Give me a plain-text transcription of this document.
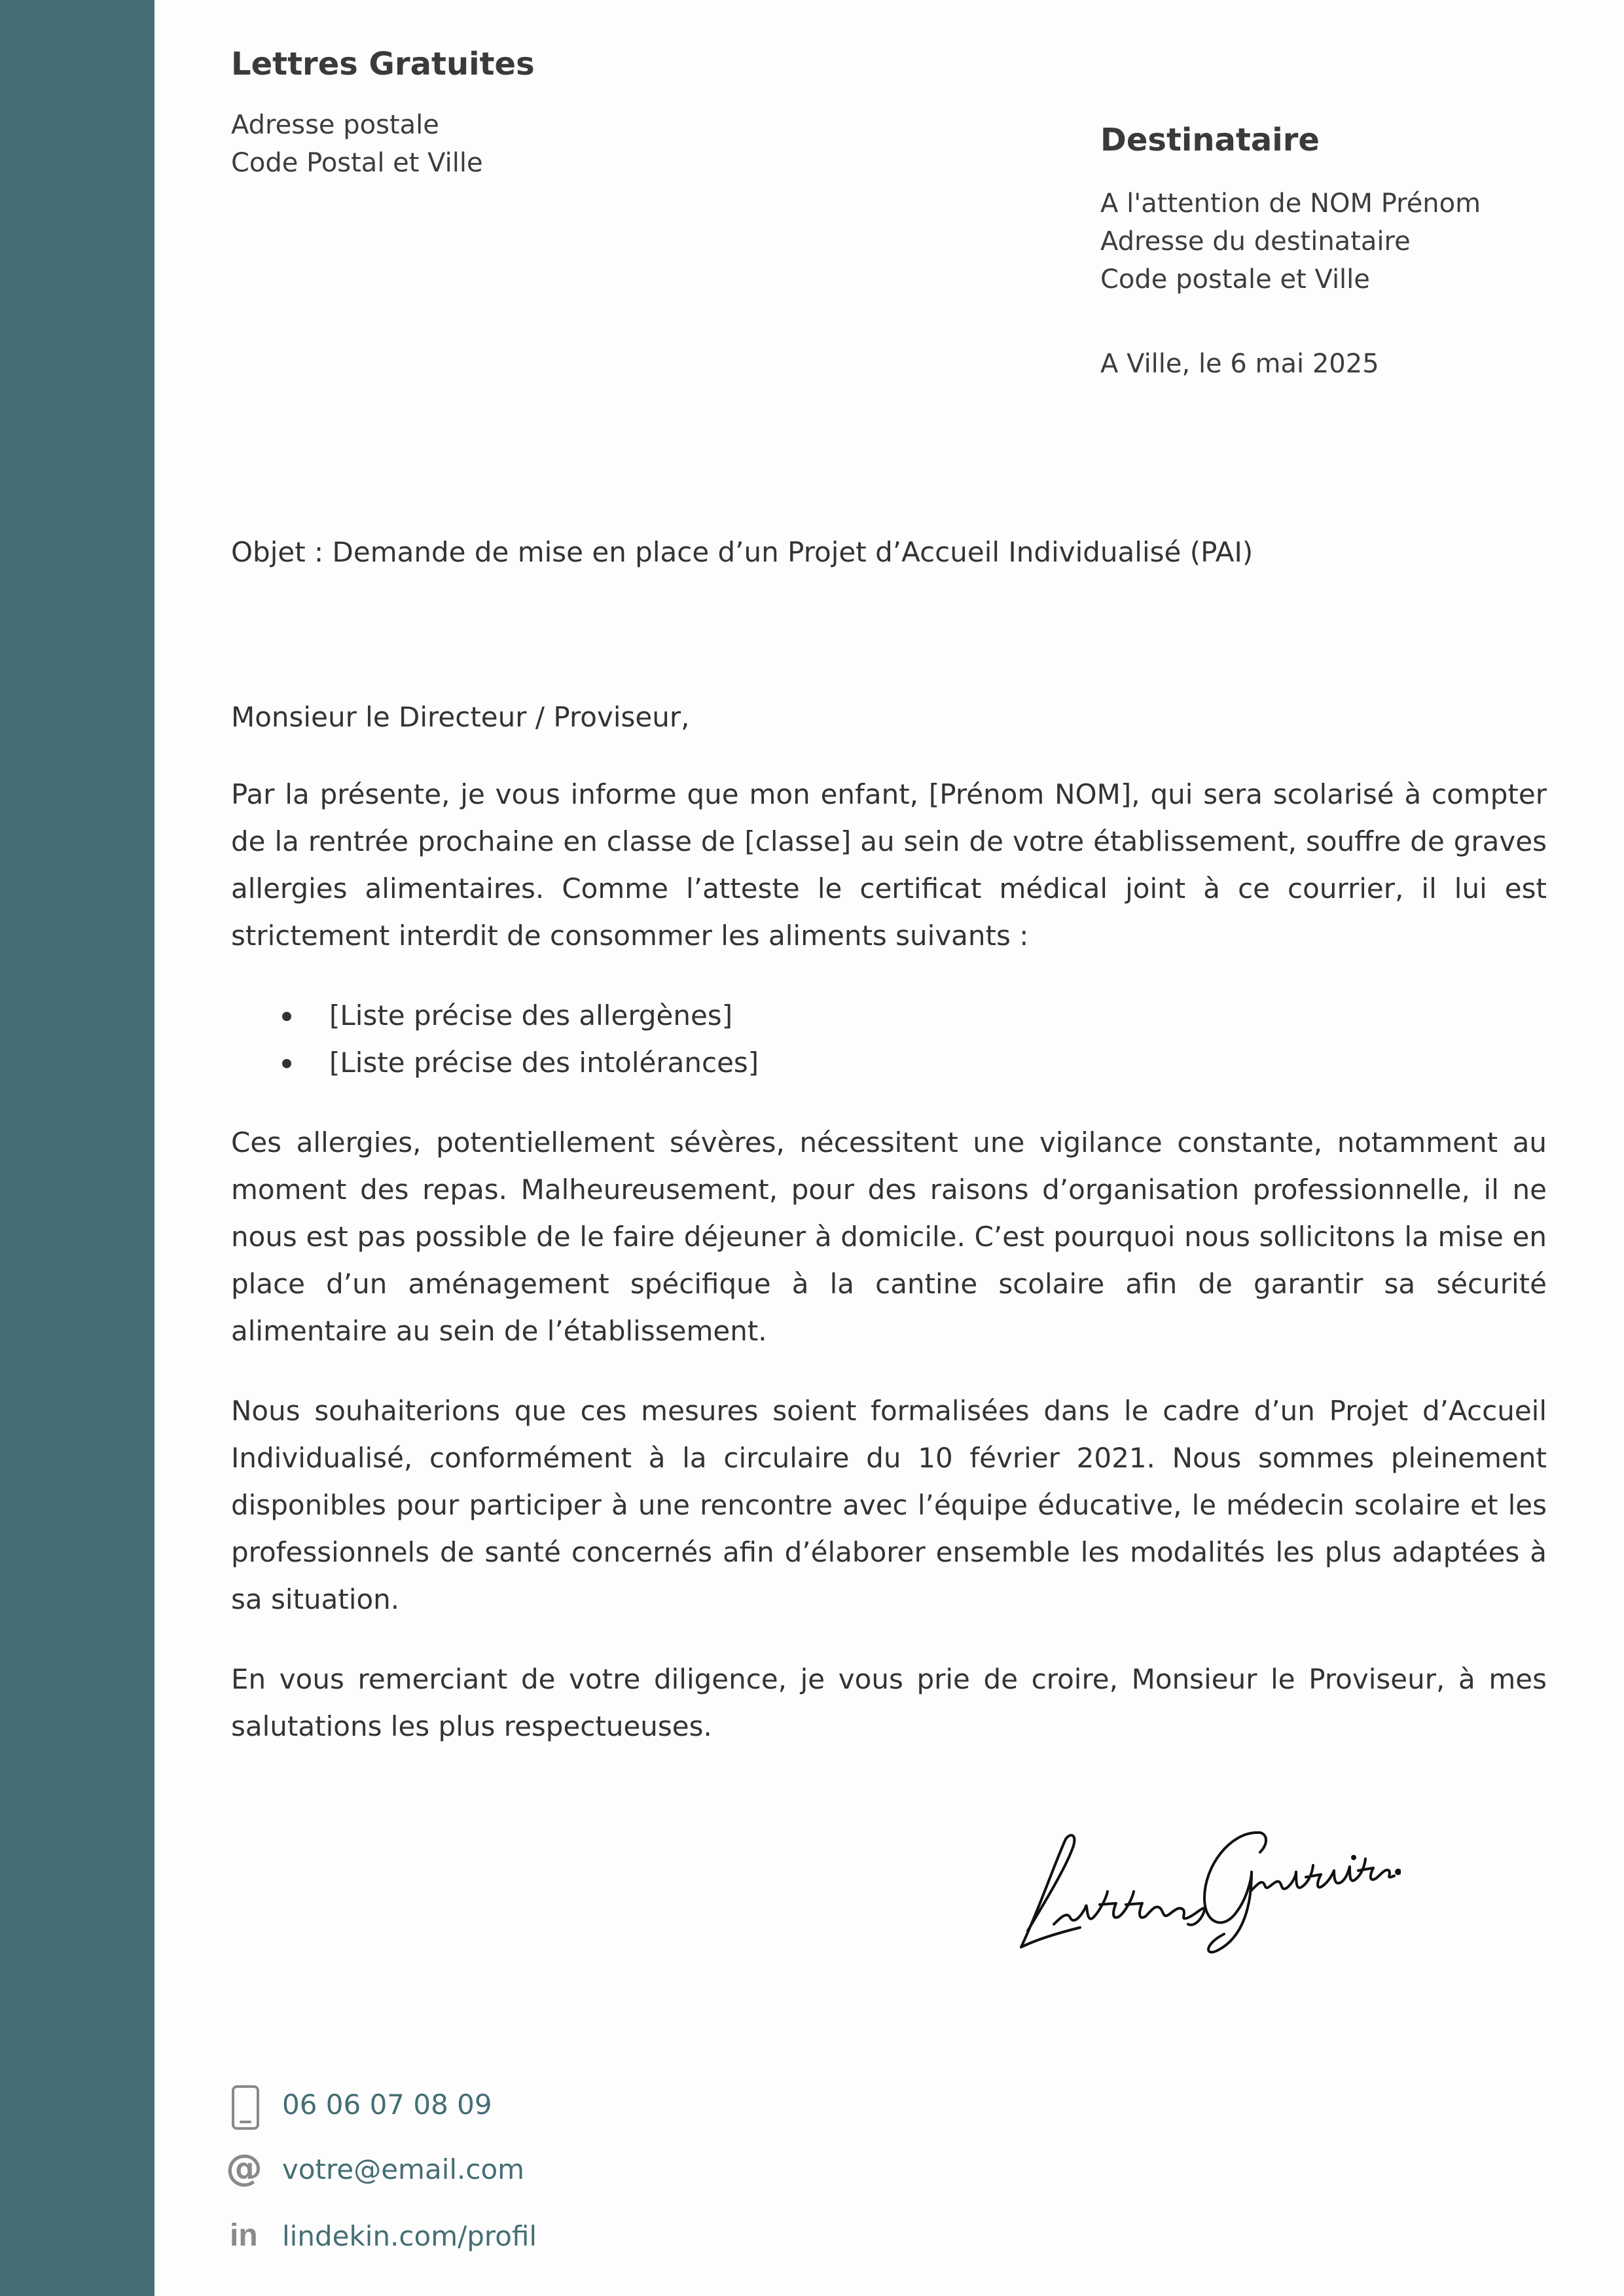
Lettres Gratuites
Adresse postale
Code Postal et Ville
Destinataire
A l'attention de NOM Prénom
Adresse du destinataire
Code postale et Ville
A Ville, le 6 mai 2025
Objet : Demande de mise en place d’un Projet d’Accueil Individualisé (PAI)

Monsieur le Directeur / Proviseur,

Par la présente, je vous informe que mon enfant, [Prénom NOM], qui sera scolarisé à compter de la rentrée prochaine en classe de [classe] au sein de votre établissement, souffre de graves allergies alimentaires. Comme l’atteste le certificat médical joint à ce courrier, il lui est strictement interdit de consommer les aliments suivants :

[Liste précise des allergènes]
[Liste précise des intolérances]

Ces allergies, potentiellement sévères, nécessitent une vigilance constante, notamment au moment des repas. Malheureusement, pour des raisons d’organisation professionnelle, il ne nous est pas possible de le faire déjeuner à domicile. C’est pourquoi nous sollicitons la mise en place d’un aménagement spécifique à la cantine scolaire afin de garantir sa sécurité alimentaire au sein de l’établissement.

Nous souhaiterions que ces mesures soient formalisées dans le cadre d’un Projet d’Accueil Individualisé, conformément à la circulaire du 10 février 2021. Nous sommes pleinement disponibles pour participer à une rencontre avec l’équipe éducative, le médecin scolaire et les professionnels de santé concernés afin d’élaborer ensemble les modalités les plus adaptées à sa situation.

En vous remerciant de votre diligence, je vous prie de croire, Monsieur le Proviseur, à mes salutations les plus respectueuses.

06 06 07 08 09
@ votre@email.com
in lindekin.com/profil
